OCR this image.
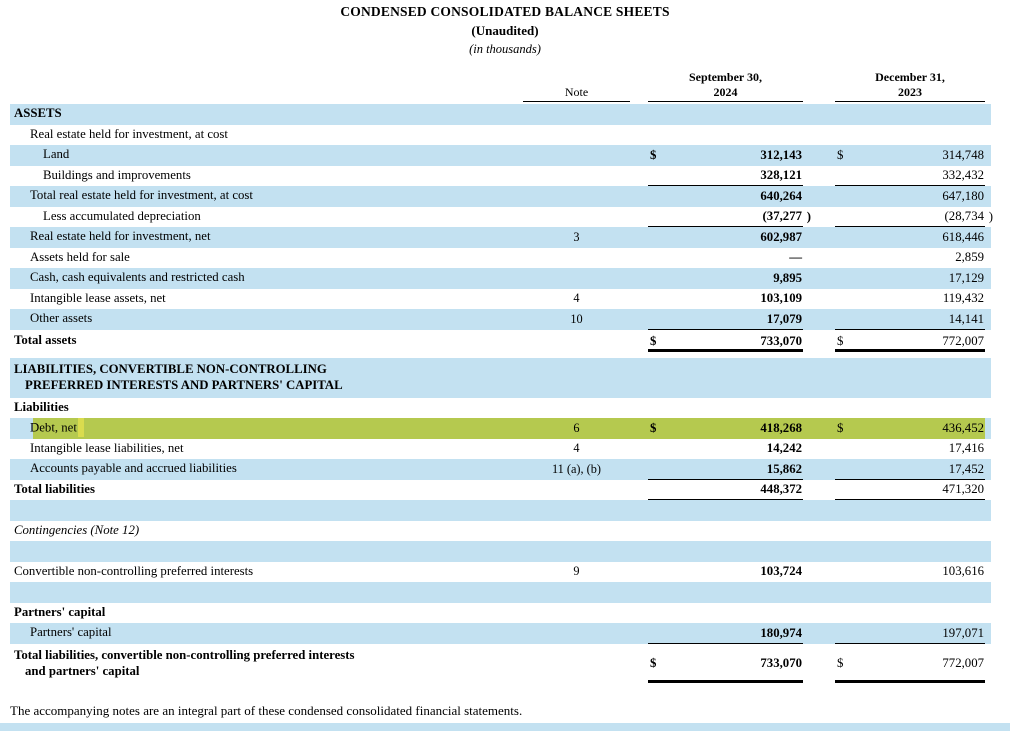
CONDENSED CONSOLIDATED BALANCE SHEETS
(Unaudited)
(in thousands)
Note
September 30,
2024
December 31,
2023
ASSETS
Real estate held for investment, at cost
Land	$	312,143	$	314,748
Buildings and improvements	328,121	332,432
Total real estate held for investment, at cost	640,264	647,180
Less accumulated depreciation	(37,277 )	(28,734 )
Real estate held for investment, net	3	602,987	618,446
Assets held for sale	—	2,859
Cash, cash equivalents and restricted cash	9,895	17,129
Intangible lease assets, net	4	103,109	119,432
Other assets	10	17,079	14,141
Total assets	$	733,070	$	772,007
LIABILITIES, CONVERTIBLE NON-CONTROLLING
PREFERRED INTERESTS AND PARTNERS' CAPITAL
Liabilities
Debt, net	6	$	418,268	$	436,452
Intangible lease liabilities, net	4	14,242	17,416
Accounts payable and accrued liabilities	11 (a), (b)	15,862	17,452
Total liabilities	448,372	471,320
Contingencies (Note 12)
Convertible non-controlling preferred interests	9	103,724	103,616
Partners' capital
Partners' capital	180,974	197,071
Total liabilities, convertible non-controlling preferred interests
and partners' capital
$	733,070	$	772,007
The accompanying notes are an integral part of these condensed consolidated financial statements.
